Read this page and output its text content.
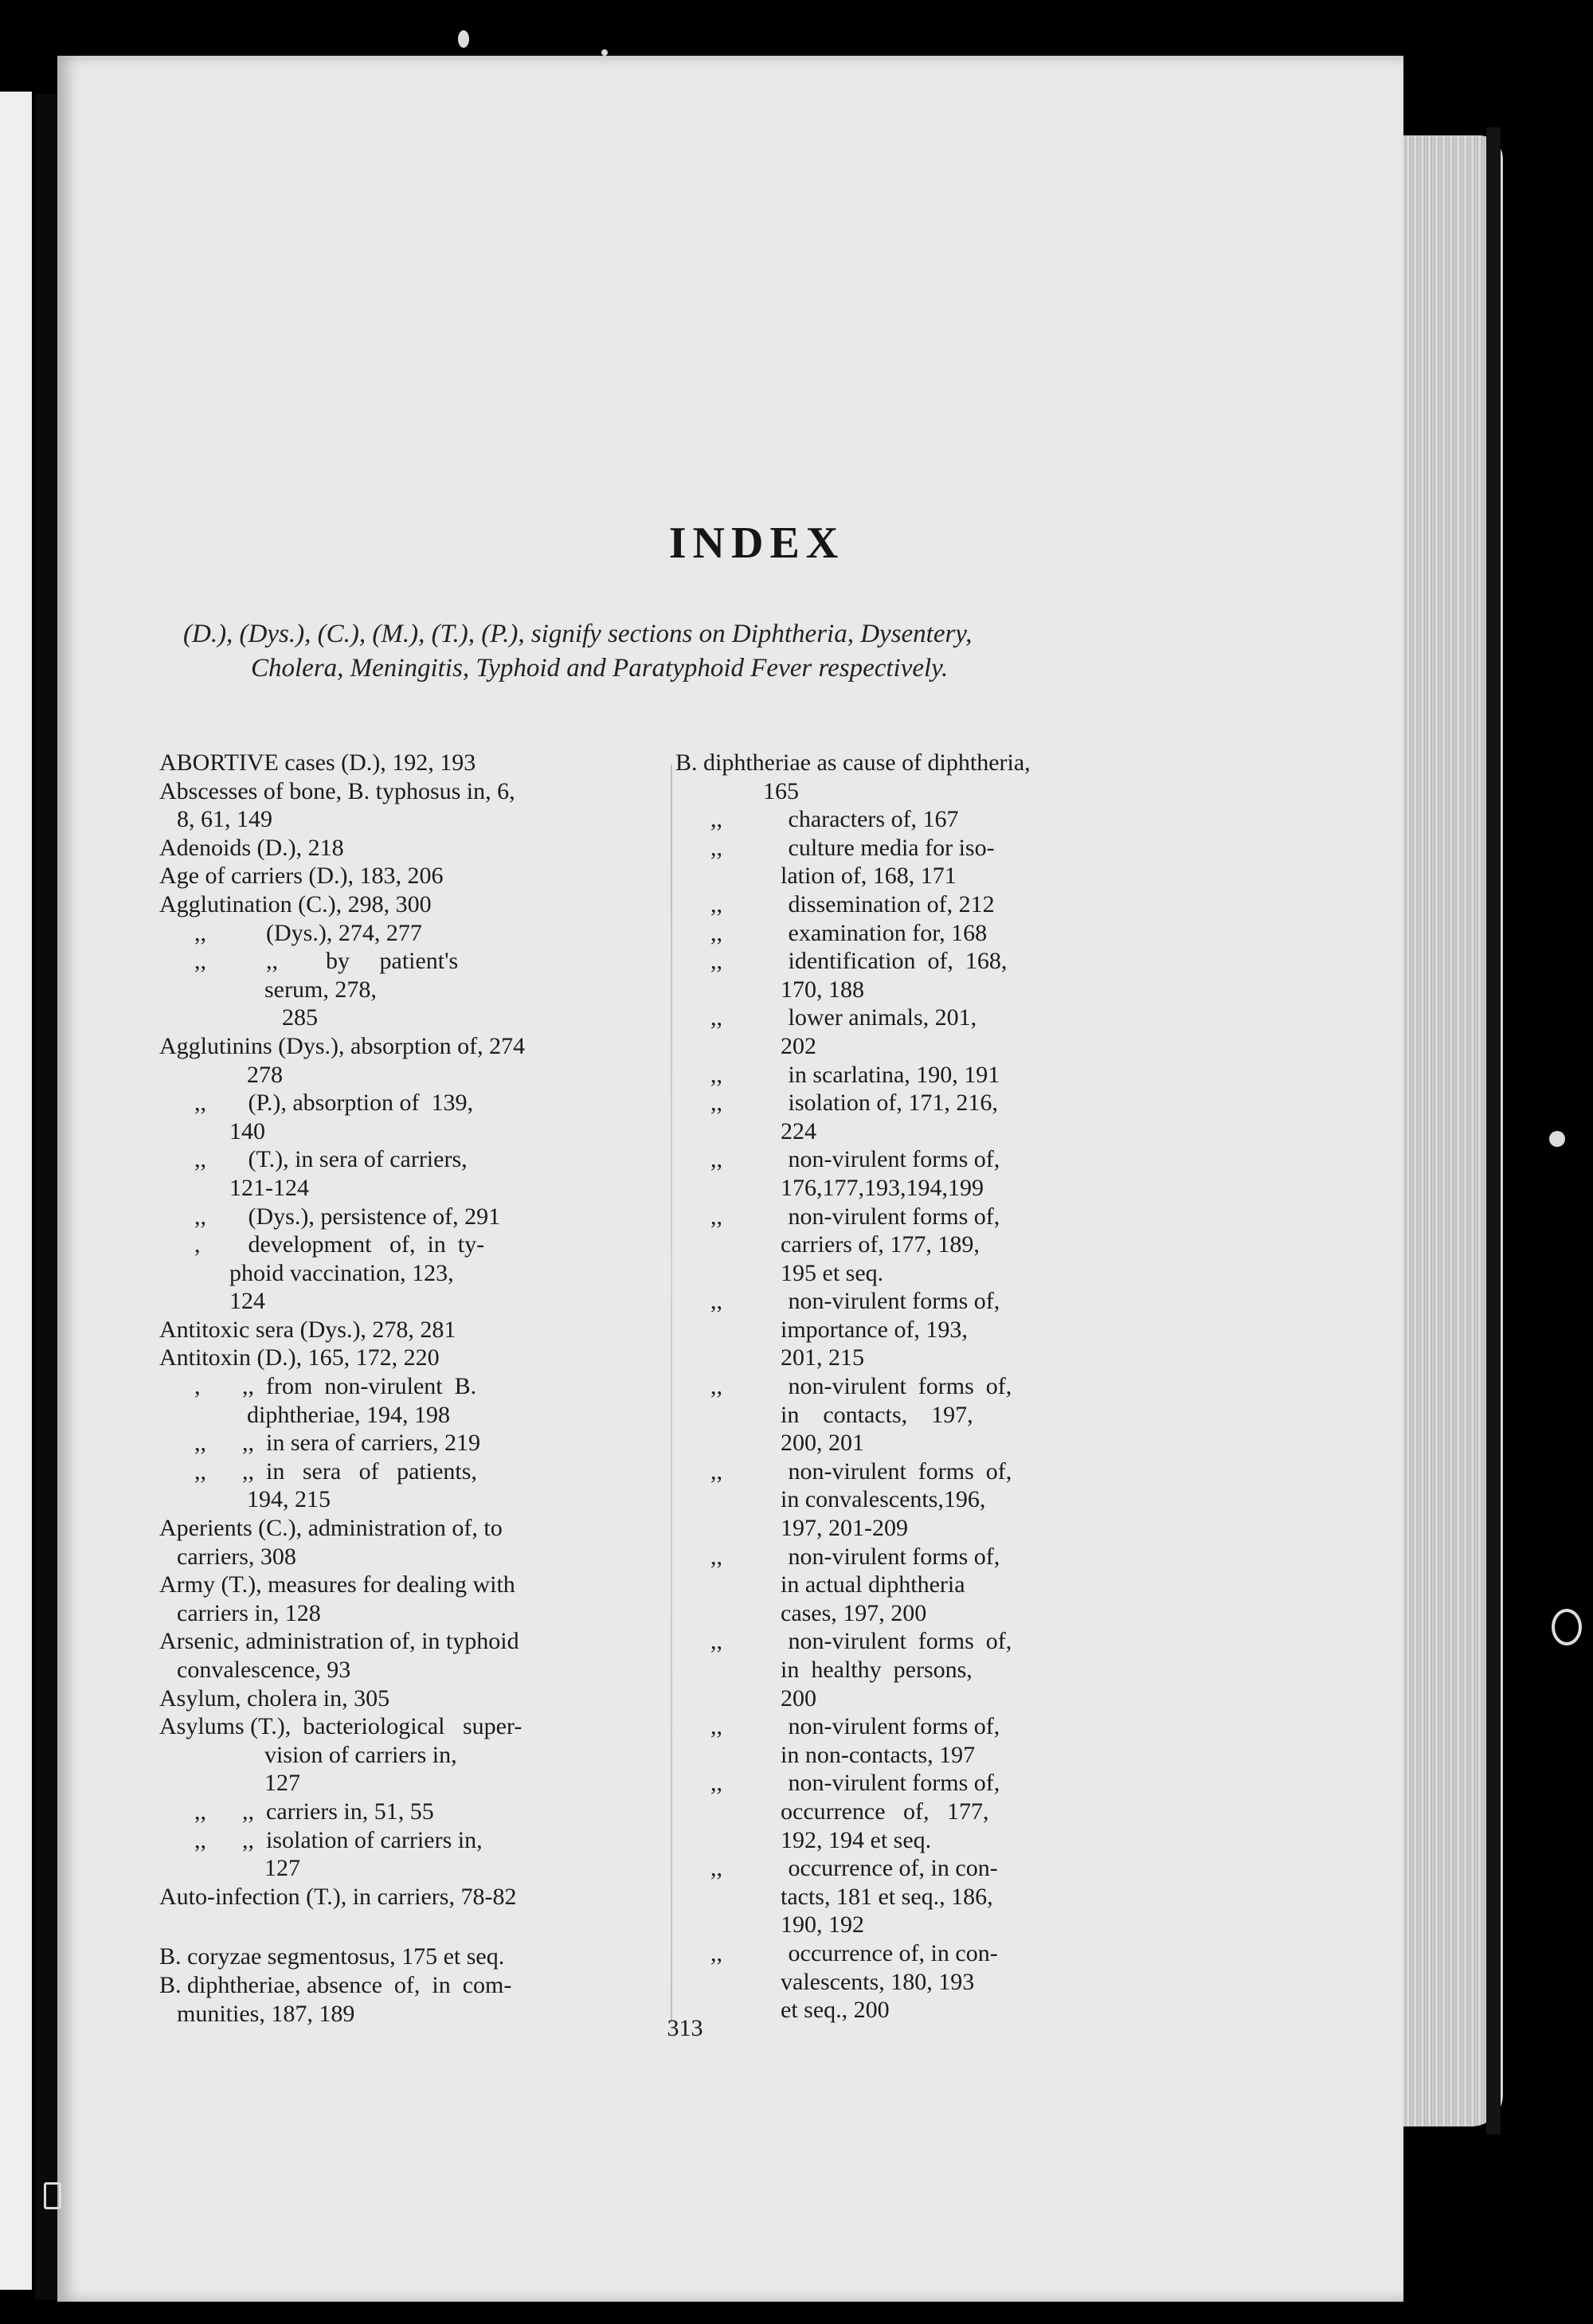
INDEX
(D.), (Dys.), (C.), (M.), (T.), (P.), signify sections on Diphtheria, Dysentery,
Cholera, Meningitis, Typhoid and Paratyphoid Fever respectively.
ABORTIVE cases (D.), 192, 193
Abscesses of bone, B. typhosus in, 6,
8, 61, 149
Adenoids (D.), 218
Age of carriers (D.), 183, 206
Agglutination (C.), 298, 300
,,          (Dys.), 274, 277
,,          ,,        by     patient's
serum, 278,
285
Agglutinins (Dys.), absorption of, 274
278
,,       (P.), absorption of  139,
140
,,       (T.), in sera of carriers,
121-124
,,       (Dys.), persistence of, 291
,        development   of,  in  ty-
phoid vaccination, 123,
124
Antitoxic sera (Dys.), 278, 281
Antitoxin (D.), 165, 172, 220
,       ,,  from  non-virulent  B.
diphtheriae, 194, 198
,,      ,,  in sera of carriers, 219
,,      ,,  in   sera   of   patients,
194, 215
Aperients (C.), administration of, to
carriers, 308
Army (T.), measures for dealing with
carriers in, 128
Arsenic, administration of, in typhoid
convalescence, 93
Asylum, cholera in, 305
Asylums (T.),  bacteriological   super-
vision of carriers in,
127
,,      ,,  carriers in, 51, 55
,,      ,,  isolation of carriers in,
127
Auto-infection (T.), in carriers, 78-82
B. coryzae segmentosus, 175 et seq.
B. diphtheriae, absence  of,  in  com-
munities, 187, 189
B. diphtheriae as cause of diphtheria,
165
,,           characters of, 167
,,           culture media for iso-
lation of, 168, 171
,,           dissemination of, 212
,,           examination for, 168
,,           identification  of,  168,
170, 188
,,           lower animals, 201,
202
,,           in scarlatina, 190, 191
,,           isolation of, 171, 216,
224
,,           non-virulent forms of,
176,177,193,194,199
,,           non-virulent forms of,
carriers of, 177, 189,
195 et seq.
,,           non-virulent forms of,
importance of, 193,
201, 215
,,           non-virulent  forms  of,
in    contacts,    197,
200, 201
,,           non-virulent  forms  of,
in convalescents,196,
197, 201-209
,,           non-virulent forms of,
in actual diphtheria
cases, 197, 200
,,           non-virulent  forms  of,
in  healthy  persons,
200
,,           non-virulent forms of,
in non-contacts, 197
,,           non-virulent forms of,
occurrence   of,   177,
192, 194 et seq.
,,           occurrence of, in con-
tacts, 181 et seq., 186,
190, 192
,,           occurrence of, in con-
valescents, 180, 193
et seq., 200
313
